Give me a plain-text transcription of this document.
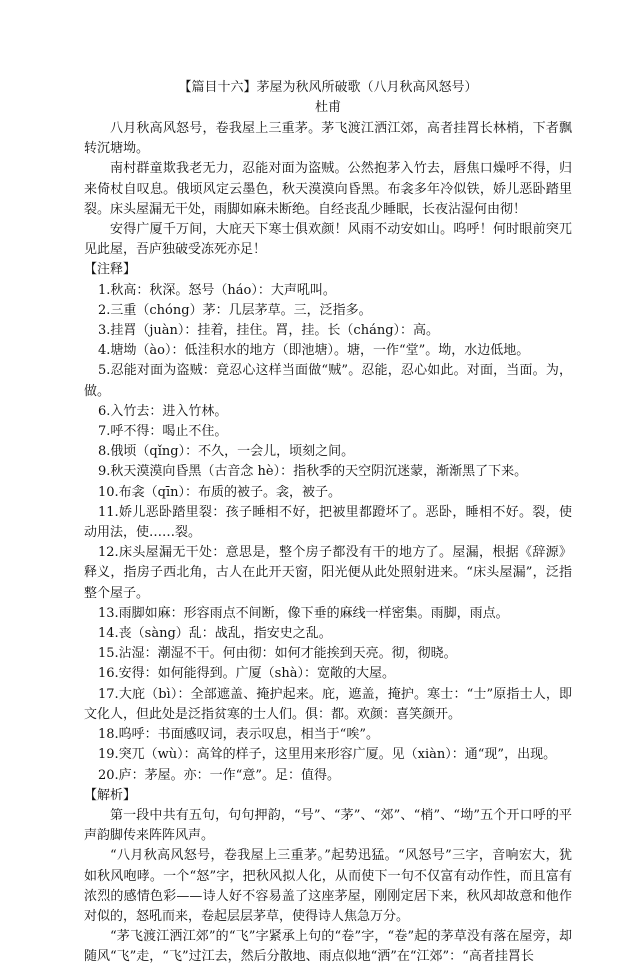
【篇目十六】茅屋为秋风所破歌（八月秋高风怒号）
杜甫

八月秋高风怒号，卷我屋上三重茅。茅飞渡江洒江郊，高者挂罥长林梢，下者飘转沉塘坳。

南村群童欺我老无力，忍能对面为盗贼。公然抱茅入竹去，唇焦口燥呼不得，归来倚杖自叹息。俄顷风定云墨色，秋天漠漠向昏黑。布衾多年冷似铁，娇儿恶卧踏里裂。床头屋漏无干处，雨脚如麻未断绝。自经丧乱少睡眠，长夜沾湿何由彻！

安得广厦千万间，大庇天下寒士俱欢颜！风雨不动安如山。呜呼！何时眼前突兀见此屋，吾庐独破受冻死亦足！

【注释】

1.秋高：秋深。怒号（háo）：大声吼叫。

2.三重（chóng）茅：几层茅草。三，泛指多。

3.挂罥（juàn）：挂着，挂住。罥，挂。长（cháng）：高。

4.塘坳（ào）：低洼积水的地方（即池塘）。塘，一作“堂”。坳，水边低地。

5.忍能对面为盗贼：竟忍心这样当面做“贼”。忍能，忍心如此。对面，当面。为，做。

6.入竹去：进入竹林。

7.呼不得：喝止不住。

8.俄顷（qǐng）：不久，一会儿，顷刻之间。

9.秋天漠漠向昏黑（古音念 hè）：指秋季的天空阴沉迷蒙，渐渐黑了下来。

10.布衾（qīn）：布质的被子。衾，被子。

11.娇儿恶卧踏里裂：孩子睡相不好，把被里都蹬坏了。恶卧，睡相不好。裂，使动用法，使……裂。

12.床头屋漏无干处：意思是，整个房子都没有干的地方了。屋漏，根据《辞源》释义，指房子西北角，古人在此开天窗，阳光便从此处照射进来。“床头屋漏”，泛指整个屋子。

13.雨脚如麻：形容雨点不间断，像下垂的麻线一样密集。雨脚，雨点。

14.丧（sàng）乱：战乱，指安史之乱。

15.沾湿：潮湿不干。何由彻：如何才能挨到天亮。彻，彻晓。

16.安得：如何能得到。广厦（shà）：宽敞的大屋。

17.大庇（bì）：全部遮盖、掩护起来。庇，遮盖，掩护。寒士：“士”原指士人，即文化人，但此处是泛指贫寒的士人们。俱：都。欢颜：喜笑颜开。

18.呜呼：书面感叹词，表示叹息，相当于“唉”。

19.突兀（wù）：高耸的样子，这里用来形容广厦。见（xiàn）：通“现”，出现。

20.庐：茅屋。亦：一作“意”。足：值得。

【解析】

第一段中共有五句，句句押韵，“号”、“茅”、“郊”、“梢”、“坳”五个开口呼的平声韵脚传来阵阵风声。

“八月秋高风怒号，卷我屋上三重茅。”起势迅猛。“风怒号”三字，音响宏大，犹如秋风咆哮。一个“怒”字，把秋风拟人化，从而使下一句不仅富有动作性，而且富有浓烈的感情色彩——诗人好不容易盖了这座茅屋，刚刚定居下来，秋风却故意和他作对似的，怒吼而来，卷起层层茅草，使得诗人焦急万分。

“茅飞渡江洒江郊”的“飞”字紧承上句的“卷”字，“卷”起的茅草没有落在屋旁，却随风“飞”走，“飞”过江去，然后分散地、雨点似地“洒”在“江郊”：“高者挂罥长
